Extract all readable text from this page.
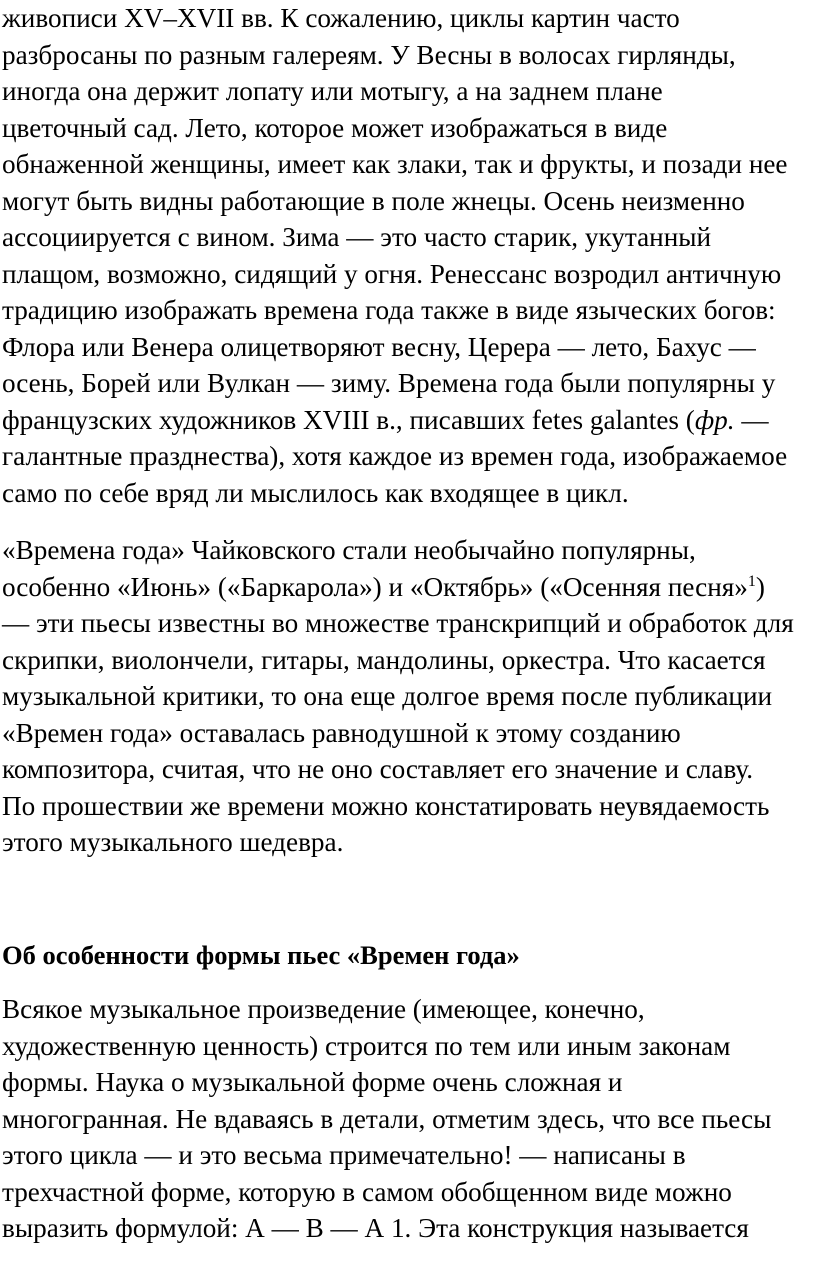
живописи XV–XVII вв. К сожалению, циклы картин часто
разбросаны по разным галереям. У Весны в волосах гирлянды,
иногда она держит лопату или мотыгу, а на заднем плане
цветочный сад. Лето, которое может изображаться в виде
обнаженной женщины, имеет как злаки, так и фрукты, и позади нее
могут быть видны работающие в поле жнецы. Осень неизменно
ассоциируется с вином. Зима — это часто старик, укутанный
плащом, возможно, сидящий у огня. Ренессанс возродил античную
традицию изображать времена года также в виде языческих богов:
Флора или Венера олицетворяют весну, Церера — лето, Бахус —
осень, Борей или Вулкан — зиму. Времена года были популярны у
французских художников XVIII в., писавших fetes galantes (фр. —
галантные празднества), хотя каждое из времен года, изображаемое
само по себе вряд ли мыслилось как входящее в цикл.
«Времена года» Чайковского стали необычайно популярны,
особенно «Июнь» («Баркарола») и «Октябрь» («Осенняя песня»$^1$)
— эти пьесы известны во множестве транскрипций и обработок для
скрипки, виолончели, гитары, мандолины, оркестра. Что касается
музыкальной критики, то она еще долгое время после публикации
«Времен года» оставалась равнодушной к этому созданию
композитора, считая, что не оно составляет его значение и славу.
По прошествии же времени можно констатировать неувядаемость
этого музыкального шедевра.
Об особенности формы пьес «Времен года»
Всякое музыкальное произведение (имеющее, конечно,
художественную ценность) строится по тем или иным законам
формы. Наука о музыкальной форме очень сложная и
многогранная. Не вдаваясь в детали, отметим здесь, что все пьесы
этого цикла — и это весьма примечательно! — написаны в
трехчастной форме, которую в самом обобщенном виде можно
выразить формулой: А — В — А 1. Эта конструкция называется
